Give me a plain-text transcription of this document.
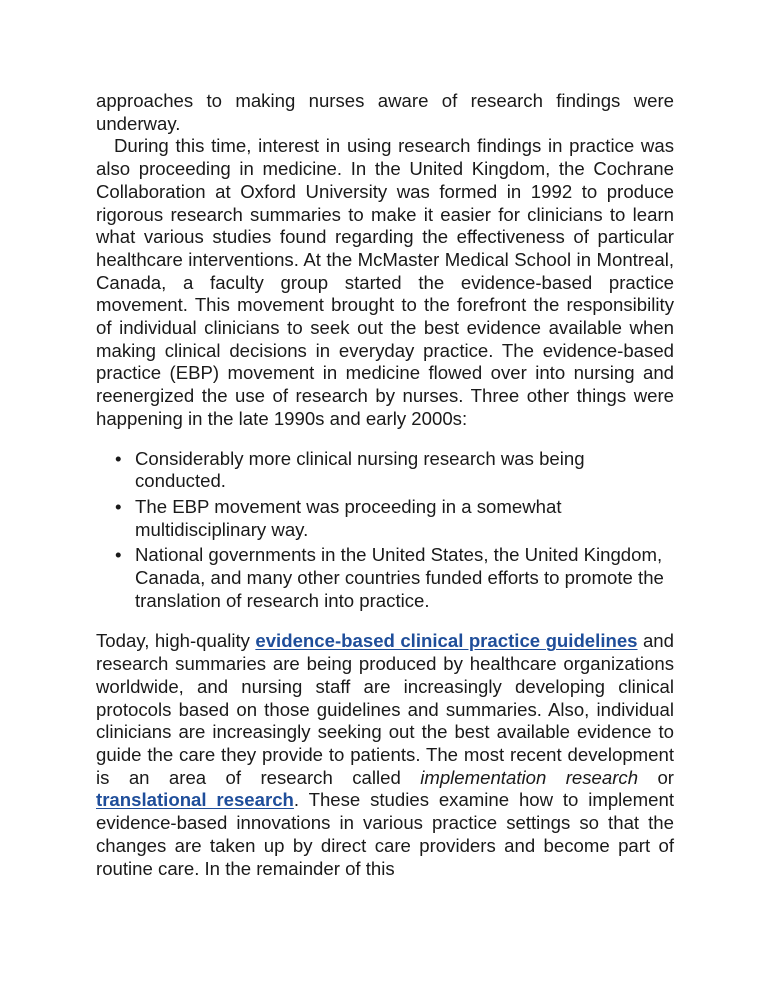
approaches to making nurses aware of research findings were underway.

During this time, interest in using research findings in practice was also proceeding in medicine. In the United Kingdom, the Cochrane Collaboration at Oxford University was formed in 1992 to produce rigorous research summaries to make it easier for clinicians to learn what various studies found regarding the effectiveness of particular healthcare interventions. At the McMaster Medical School in Montreal, Canada, a faculty group started the evidence-based practice movement. This movement brought to the forefront the responsibility of individual clinicians to seek out the best evidence available when making clinical decisions in everyday practice. The evidence-based practice (EBP) movement in medicine flowed over into nursing and reenergized the use of research by nurses. Three other things were happening in the late 1990s and early 2000s:

• Considerably more clinical nursing research was being conducted.
• The EBP movement was proceeding in a somewhat multidisciplinary way.
• National governments in the United States, the United Kingdom, Canada, and many other countries funded efforts to promote the translation of research into practice.

Today, high-quality evidence-based clinical practice guidelines and research summaries are being produced by healthcare organizations worldwide, and nursing staff are increasingly developing clinical protocols based on those guidelines and summaries. Also, individual clinicians are increasingly seeking out the best available evidence to guide the care they provide to patients. The most recent development is an area of research called implementation research or translational research. These studies examine how to implement evidence-based innovations in various practice settings so that the changes are taken up by direct care providers and become part of routine care. In the remainder of this
